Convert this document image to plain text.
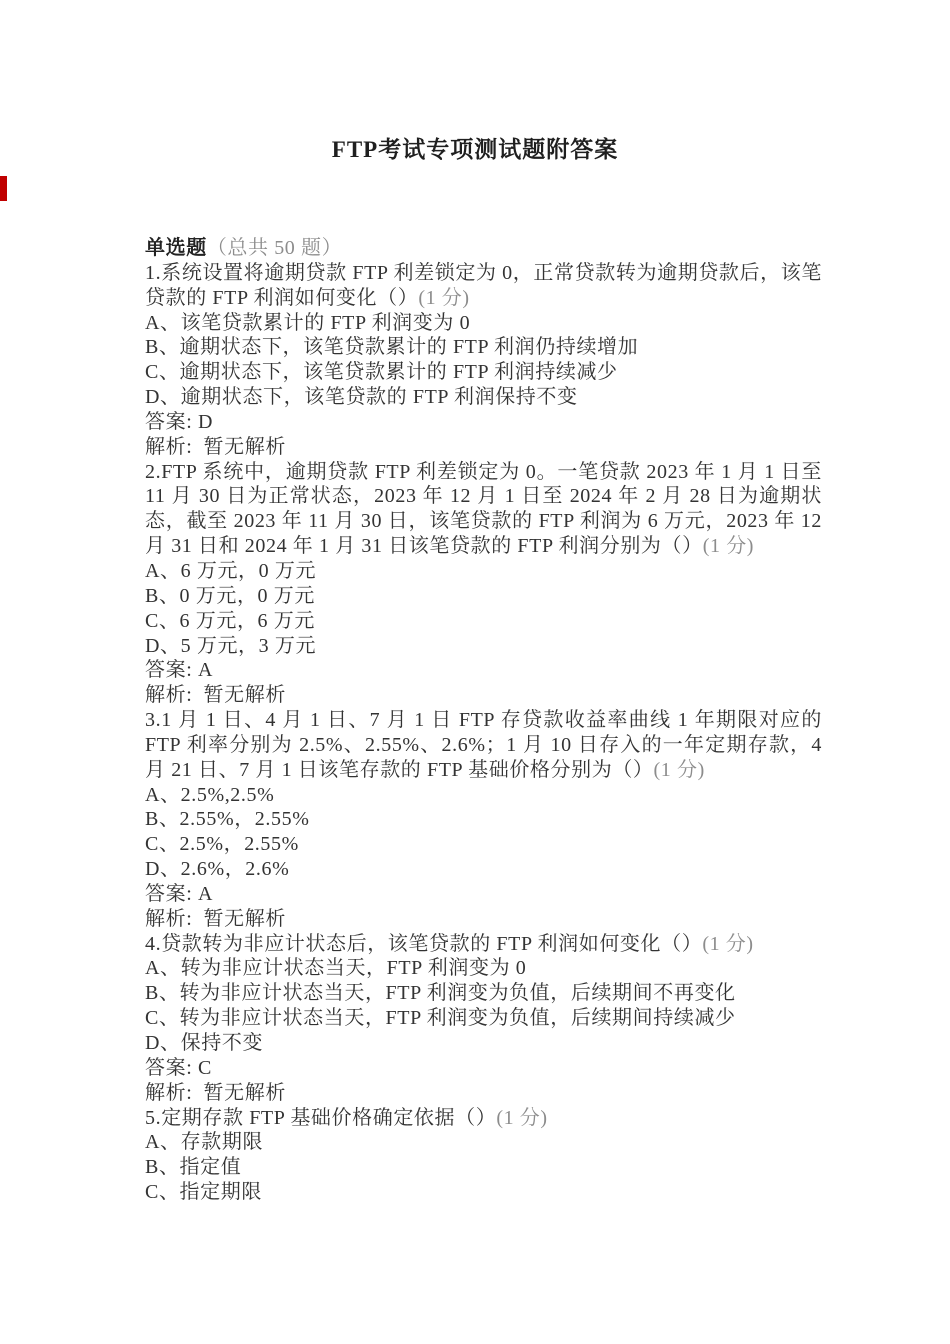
FTP考试专项测试题附答案
单选题（总共 50 题）
1.系统设置将逾期贷款 FTP 利差锁定为 0，正常贷款转为逾期贷款后，该笔贷款的 FTP 利润如何变化（）(1 分)
A、该笔贷款累计的 FTP 利润变为 0
B、逾期状态下，该笔贷款累计的 FTP 利润仍持续增加
C、逾期状态下，该笔贷款累计的 FTP 利润持续减少
D、逾期状态下，该笔贷款的 FTP 利润保持不变
答案: D
解析:  暂无解析
2.FTP 系统中，逾期贷款 FTP 利差锁定为 0。一笔贷款 2023 年 1 月 1 日至 11 月 30 日为正常状态，2023 年 12 月 1 日至 2024 年 2 月 28 日为逾期状态，截至 2023 年 11 月 30 日，该笔贷款的 FTP 利润为 6 万元，2023 年 12 月 31 日和 2024 年 1 月 31 日该笔贷款的 FTP 利润分别为（）(1 分)
A、6 万元，0 万元
B、0 万元，0 万元
C、6 万元，6 万元
D、5 万元，3 万元
答案: A
解析:  暂无解析
3.1 月 1 日、4 月 1 日、7 月 1 日 FTP 存贷款收益率曲线 1 年期限对应的 FTP 利率分别为 2.5%、2.55%、2.6%；1 月 10 日存入的一年定期存款，4 月 21 日、7 月 1 日该笔存款的 FTP 基础价格分别为（）(1 分)
A、2.5%,2.5%
B、2.55%，2.55%
C、2.5%，2.55%
D、2.6%，2.6%
答案: A
解析:  暂无解析
4.贷款转为非应计状态后，该笔贷款的 FTP 利润如何变化（）(1 分)
A、转为非应计状态当天，FTP 利润变为 0
B、转为非应计状态当天，FTP 利润变为负值，后续期间不再变化
C、转为非应计状态当天，FTP 利润变为负值，后续期间持续减少
D、保持不变
答案: C
解析:  暂无解析
5.定期存款 FTP 基础价格确定依据（）(1 分)
A、存款期限
B、指定值
C、指定期限
